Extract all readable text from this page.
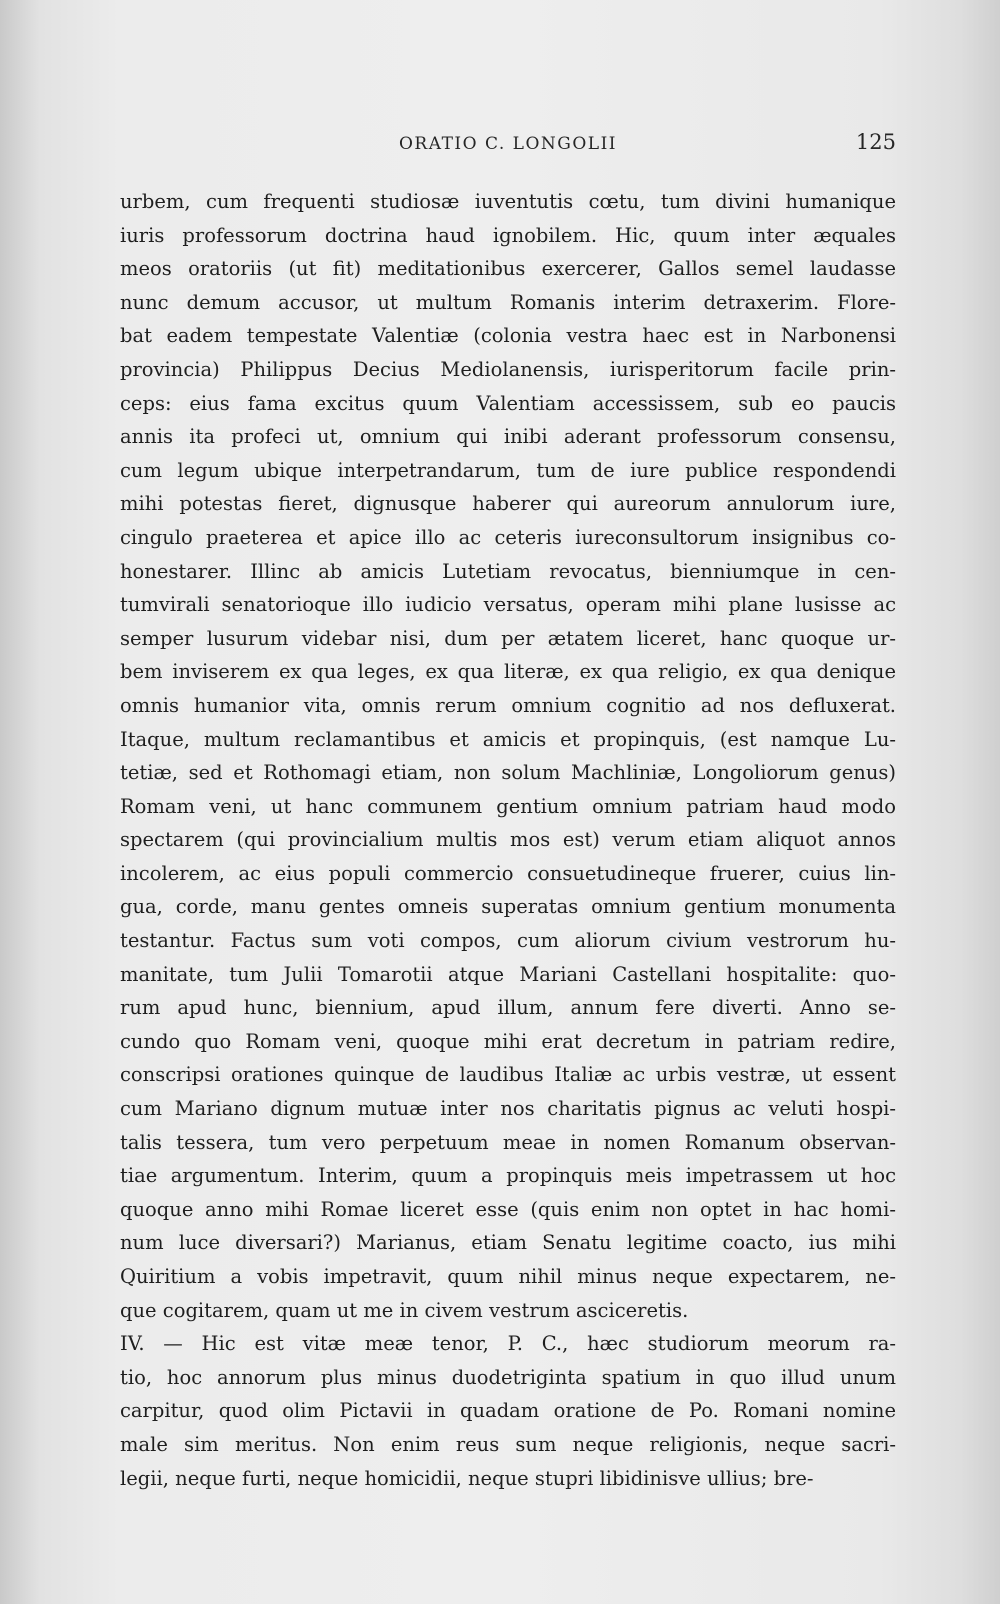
ORATIO C. LONGOLII	125
urbem, cum frequenti studiosæ iuventutis cœtu, tum divini humanique
iuris professorum doctrina haud ignobilem. Hic, quum inter æquales
meos oratoriis (ut fit) meditationibus exercerer, Gallos semel laudasse
nunc demum accusor, ut multum Romanis interim detraxerim. Flore-
bat eadem tempestate Valentiæ (colonia vestra haec est in Narbonensi
provincia) Philippus Decius Mediolanensis, iurisperitorum facile prin-
ceps: eius fama excitus quum Valentiam accessissem, sub eo paucis
annis ita profeci ut, omnium qui inibi aderant professorum consensu,
cum legum ubique interpetrandarum, tum de iure publice respondendi
mihi potestas fieret, dignusque haberer qui aureorum annulorum iure,
cingulo praeterea et apice illo ac ceteris iureconsultorum insignibus co-
honestarer. Illinc ab amicis Lutetiam revocatus, bienniumque in cen-
tumvirali senatorioque illo iudicio versatus, operam mihi plane lusisse ac
semper lusurum videbar nisi, dum per ætatem liceret, hanc quoque ur-
bem inviserem ex qua leges, ex qua literæ, ex qua religio, ex qua denique
omnis humanior vita, omnis rerum omnium cognitio ad nos defluxerat.
Itaque, multum reclamantibus et amicis et propinquis, (est namque Lu-
tetiæ, sed et Rothomagi etiam, non solum Machliniæ, Longoliorum genus)
Romam veni, ut hanc communem gentium omnium patriam haud modo
spectarem (qui provincialium multis mos est) verum etiam aliquot annos
incolerem, ac eius populi commercio consuetudineque fruerer, cuius lin-
gua, corde, manu gentes omneis superatas omnium gentium monumenta
testantur. Factus sum voti compos, cum aliorum civium vestrorum hu-
manitate, tum Julii Tomarotii atque Mariani Castellani hospitalite: quo-
rum apud hunc, biennium, apud illum, annum fere diverti. Anno se-
cundo quo Romam veni, quoque mihi erat decretum in patriam redire,
conscripsi orationes quinque de laudibus Italiæ ac urbis vestræ, ut essent
cum Mariano dignum mutuæ inter nos charitatis pignus ac veluti hospi-
talis tessera, tum vero perpetuum meae in nomen Romanum observan-
tiae argumentum. Interim, quum a propinquis meis impetrassem ut hoc
quoque anno mihi Romae liceret esse (quis enim non optet in hac homi-
num luce diversari?) Marianus, etiam Senatu legitime coacto, ius mihi
Quiritium a vobis impetravit, quum nihil minus neque expectarem, ne-
que cogitarem, quam ut me in civem vestrum asciceretis.
IV. — Hic est vitæ meæ tenor, P. C., hæc studiorum meorum ra-
tio, hoc annorum plus minus duodetriginta spatium in quo illud unum
carpitur, quod olim Pictavii in quadam oratione de Po. Romani nomine
male sim meritus. Non enim reus sum neque religionis, neque sacri-
legii, neque furti, neque homicidii, neque stupri libidinisve ullius; bre-
